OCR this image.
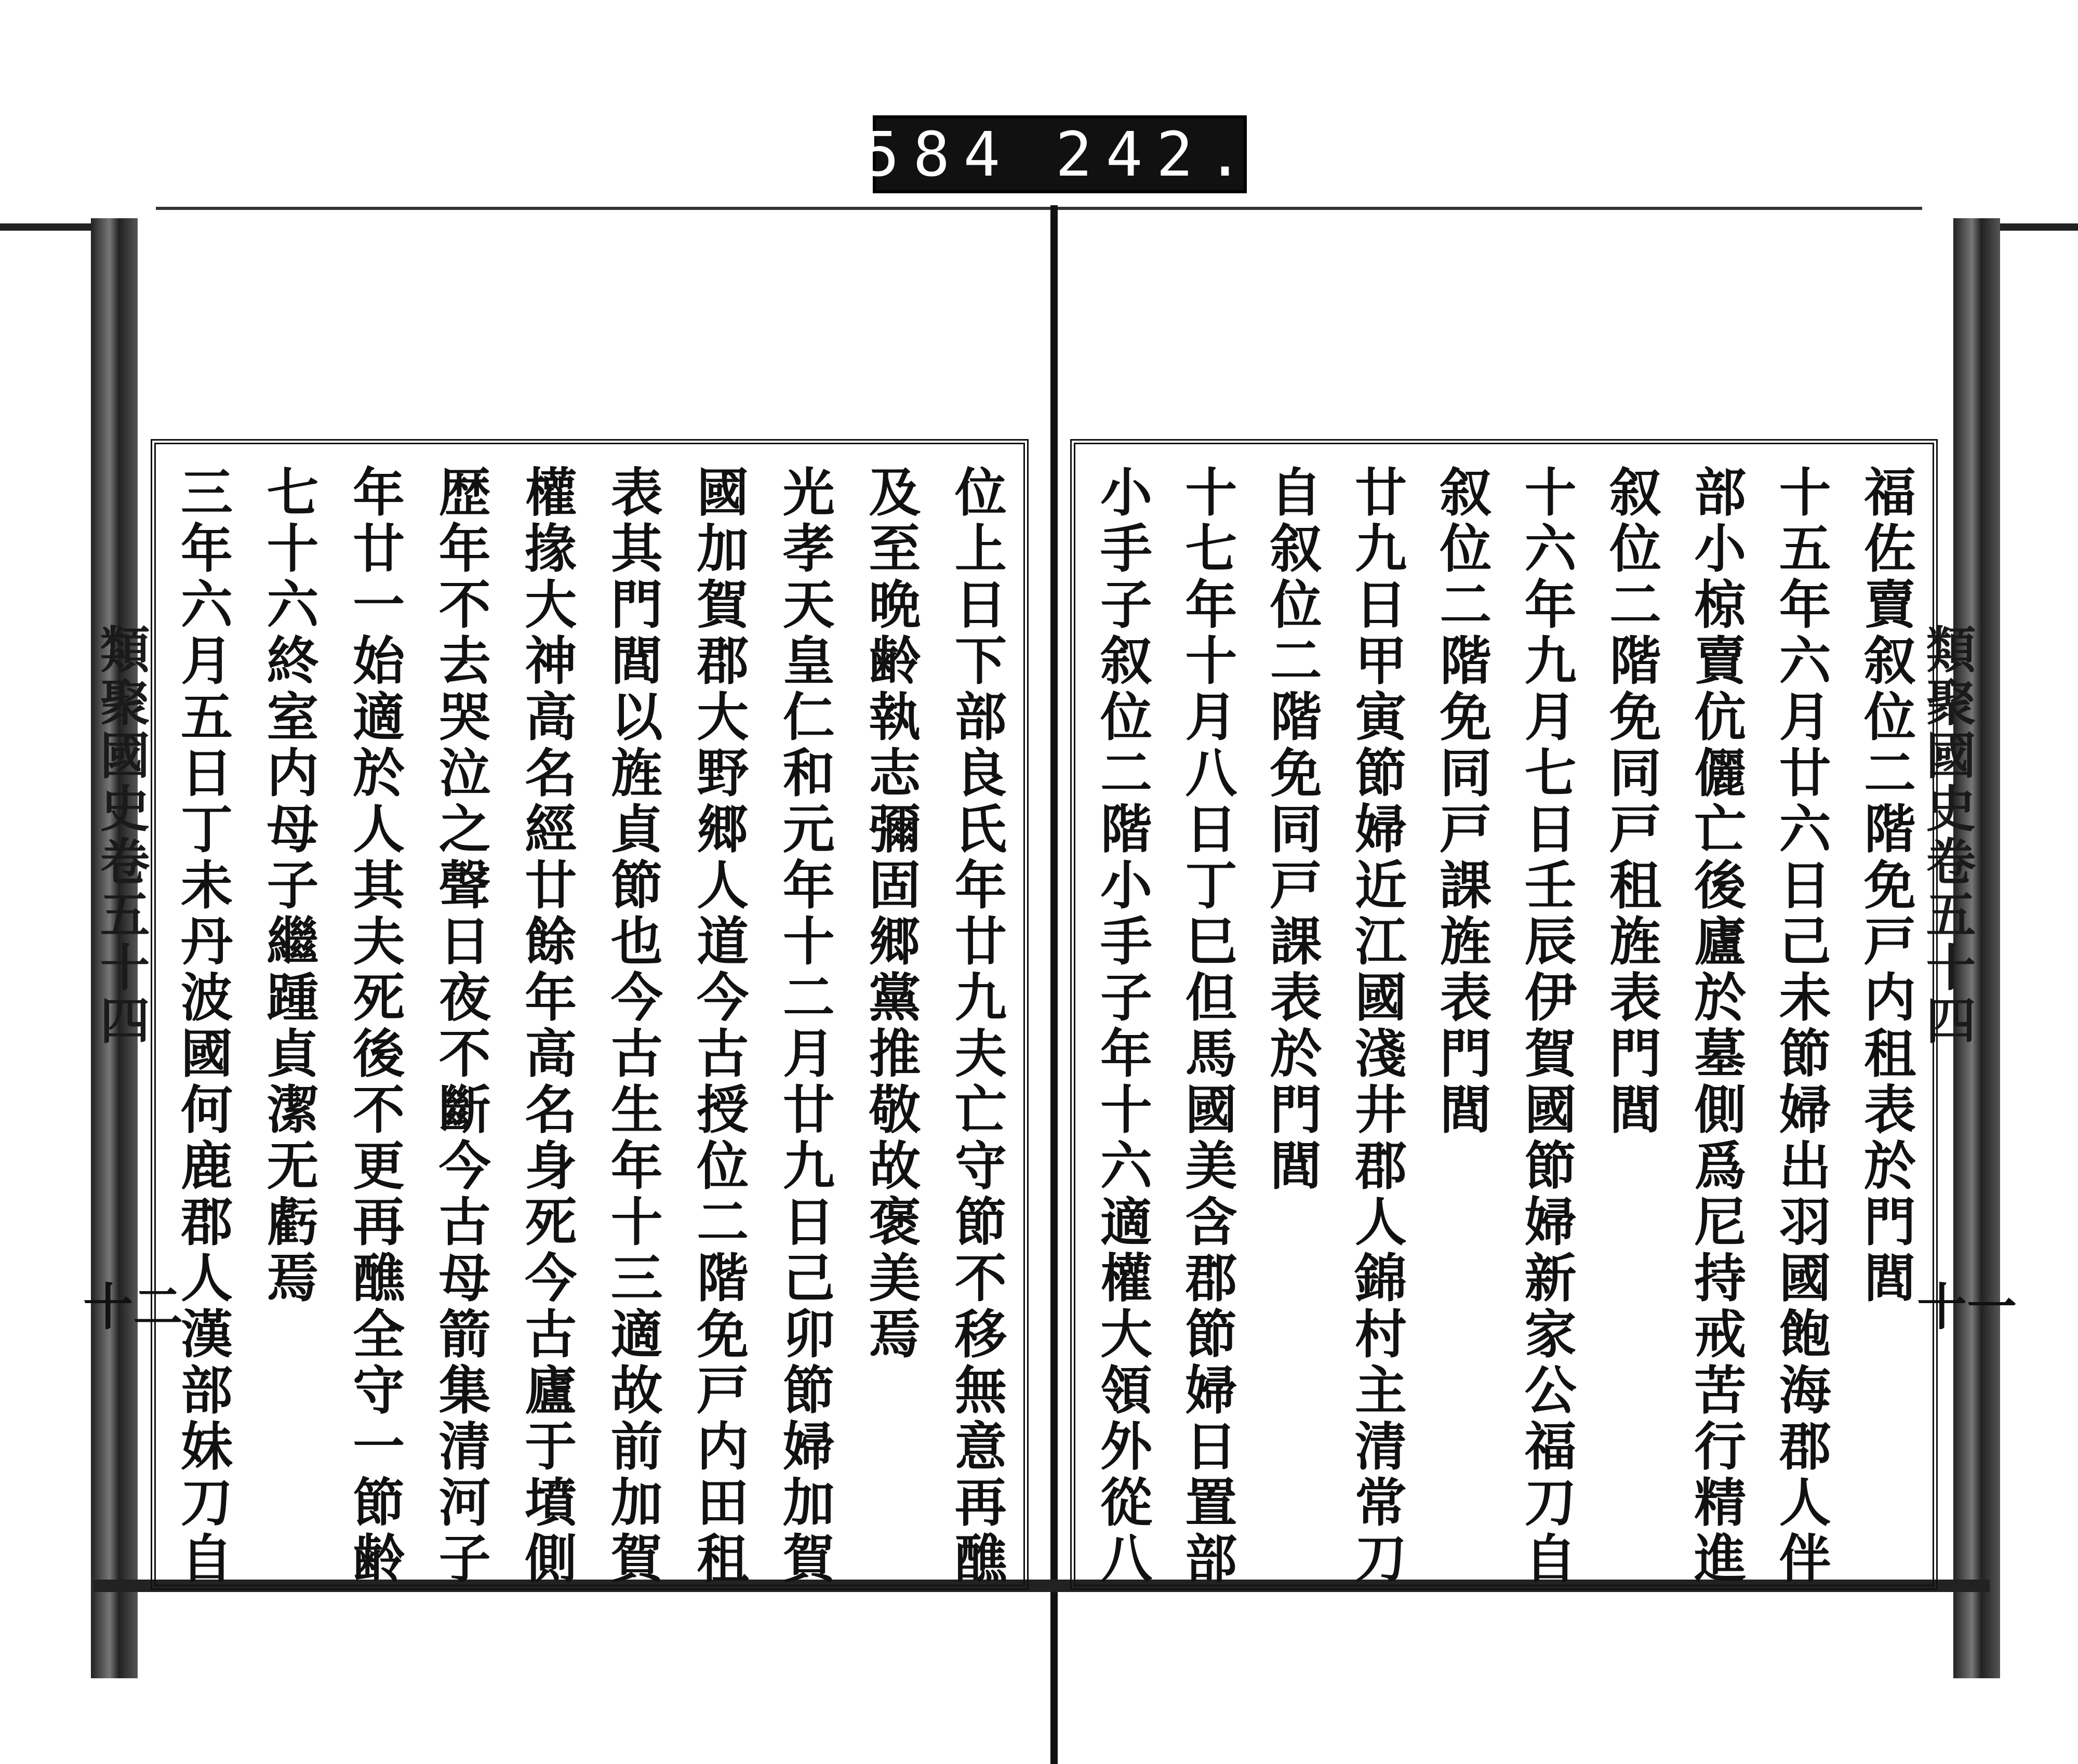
584 242.
類聚國史卷五十四
十二
類聚國史卷五十四
十一
位上日下部良氏年廿九夫亡守節不移無意再醮
及至晩齢執志彌固郷黨推敬故褒美焉
光孝天皇仁和元年十二月廿九日己卯節婦加賀
國加賀郡大野郷人道今古授位二階免戸内田租
表其門閭以旌貞節也今古生年十三適故前加賀
權掾大神高名經廿餘年高名身死今古廬于墳側
歴年不去哭泣之聲日夜不斷今古母箭集清河子
年廿一始適於人其夫死後不更再醮全守一節齢
七十六終室内母子繼踵貞潔无虧焉
三年六月五日丁未丹波國何鹿郡人漢部妹刀自	福佐賣叙位二階免戸内租表於門閭
十五年六月廿六日己未節婦出羽國飽海郡人伴
部小椋賣伉儷亡後廬於墓側爲尼持戒苦行精進
叙位二階免同戸租旌表門閭
十六年九月七日壬辰伊賀國節婦新家公福刀自
叙位二階免同戸課旌表門閭
廿九日甲寅節婦近江國淺井郡人錦村主清常刀
自叙位二階免同戸課表於門閭
十七年十月八日丁巳但馬國美含郡節婦日置部
小手子叙位二階小手子年十六適權大領外從八
